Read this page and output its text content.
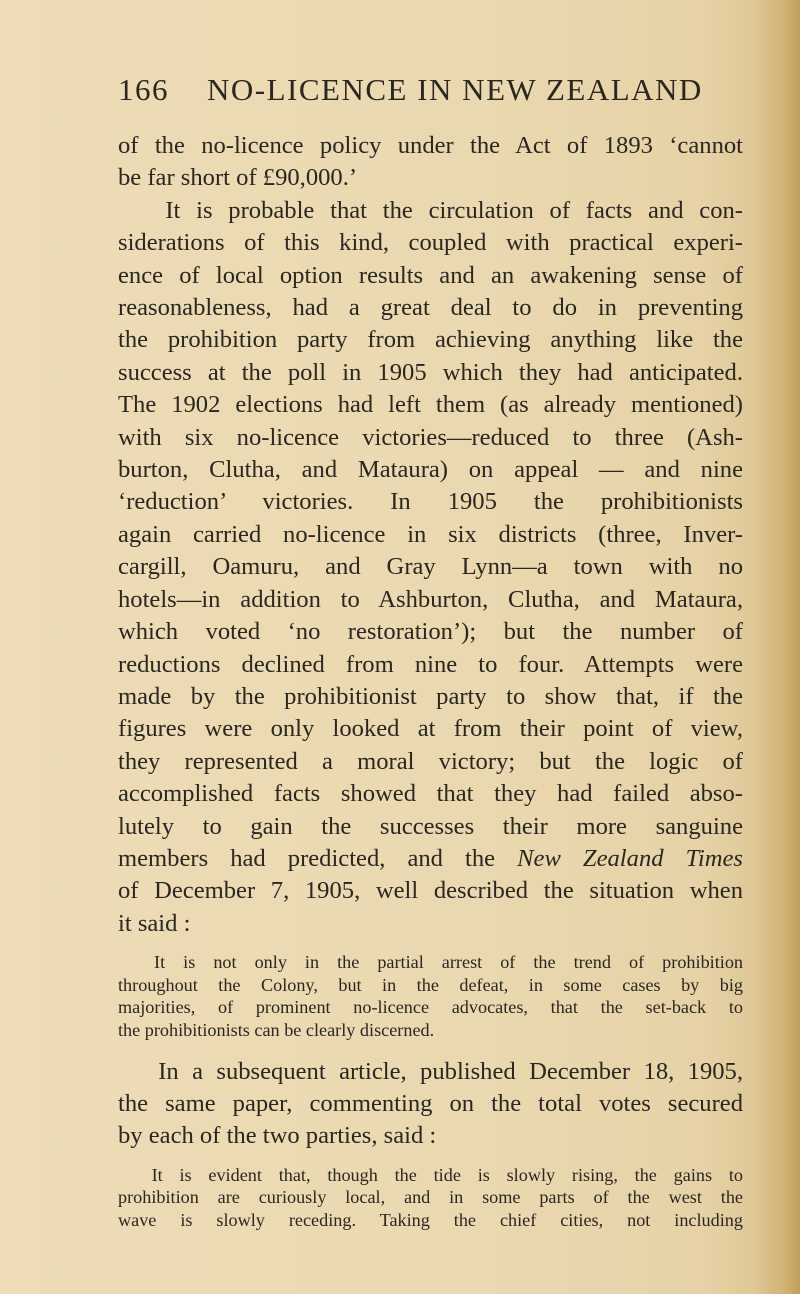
166 NO-LICENCE IN NEW ZEALAND

of the no-licence policy under the Act of 1893 ‘cannot

be far short of £90,000.’

It is probable that the circulation of facts and con-

siderations of this kind, coupled with practical experi-

ence of local option results and an awakening sense of

reasonableness, had a great deal to do in preventing

the prohibition party from achieving anything like the

success at the poll in 1905 which they had anticipated.

The 1902 elections had left them (as already mentioned)

with six no-licence victories—reduced to three (Ash-

burton, Clutha, and Mataura) on appeal — and nine

‘reduction’ victories. In 1905 the prohibitionists

again carried no-licence in six districts (three, Inver-

cargill, Oamuru, and Gray Lynn—a town with no

hotels—in addition to Ashburton, Clutha, and Mataura,

which voted ‘no restoration’); but the number of

reductions declined from nine to four. Attempts were

made by the prohibitionist party to show that, if the

figures were only looked at from their point of view,

they represented a moral victory; but the logic of

accomplished facts showed that they had failed abso-

lutely to gain the successes their more sanguine

members had predicted, and the New Zealand Times

of December 7, 1905, well described the situation when

it said :

It is not only in the partial arrest of the trend of prohibition

throughout the Colony, but in the defeat, in some cases by big

majorities, of prominent no-licence advocates, that the set-back to

the prohibitionists can be clearly discerned.

In a subsequent article, published December 18, 1905,

the same paper, commenting on the total votes secured

by each of the two parties, said :

It is evident that, though the tide is slowly rising, the gains to

prohibition are curiously local, and in some parts of the west the

wave is slowly receding. Taking the chief cities, not including
